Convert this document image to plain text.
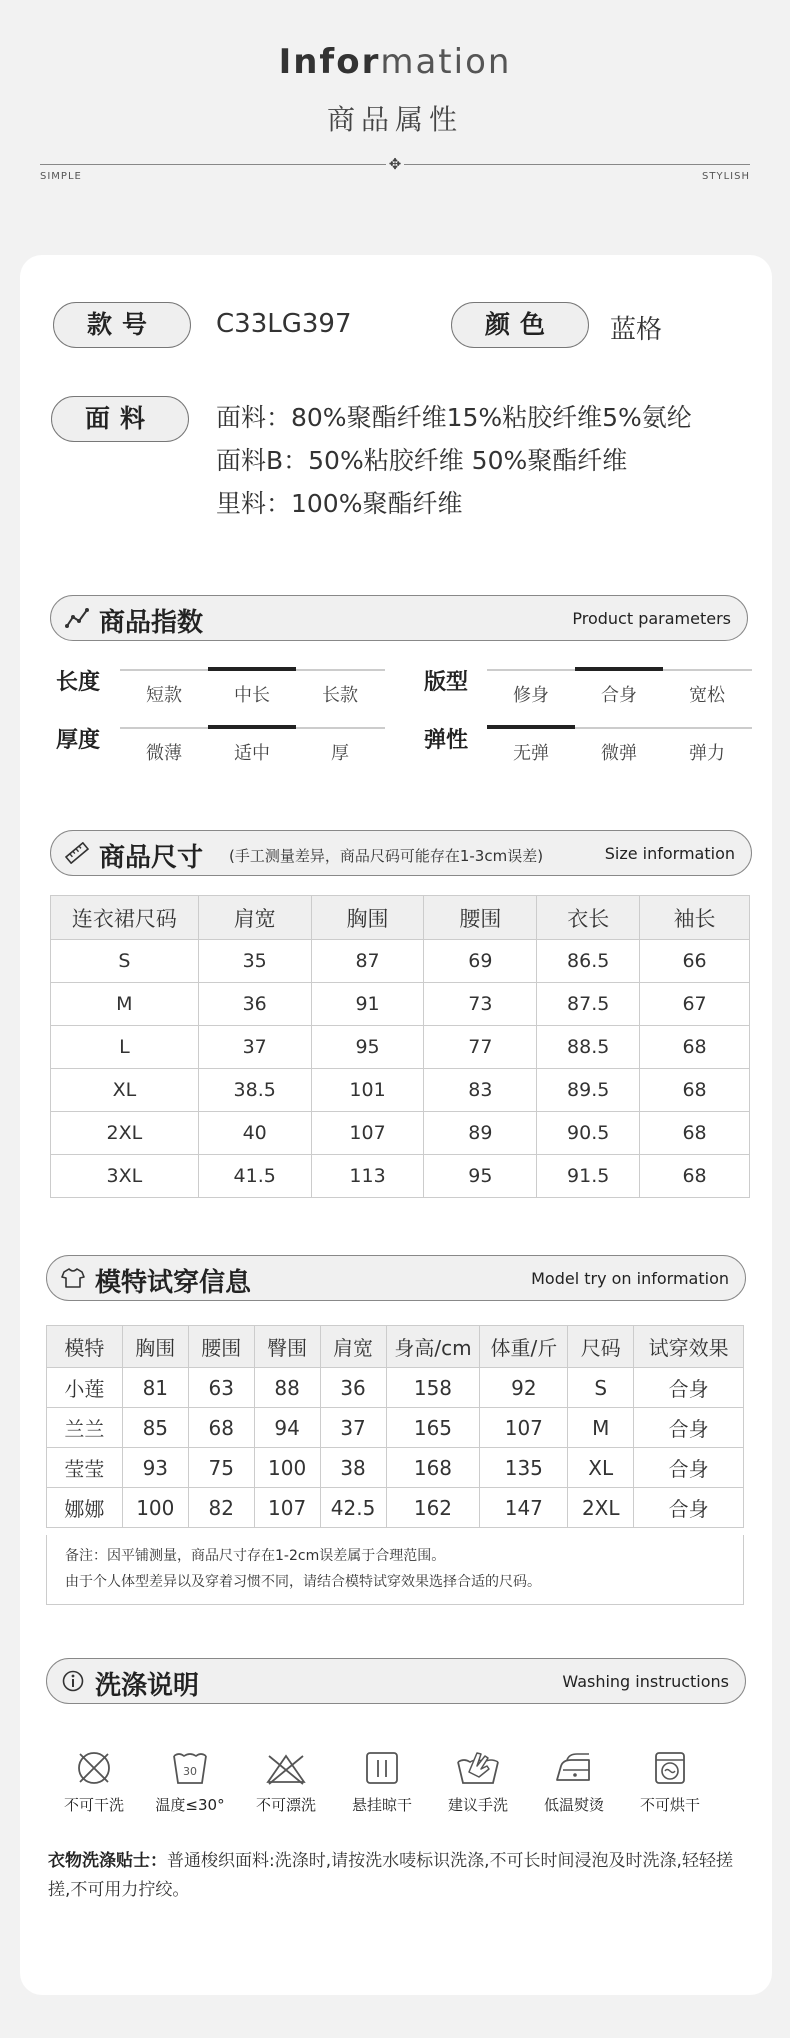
Information
商品属性
✥
SIMPLE	STYLISH
款号	C33LG397	颜色	蓝格
面料	面料：80%聚酯纤维15%粘胶纤维5%氨纶
面料B：50%粘胶纤维 50%聚酯纤维
里料：100%聚酯纤维
商品指数	Product parameters
长度
短款	中长	长款
版型
修身	合身	宽松
厚度
微薄	适中	厚
弹性
无弹	微弹	弹力
商品尺寸 (手工测量差异，商品尺码可能存在1-3cm误差)	Size information
连衣裙尺码	肩宽	胸围	腰围	衣长	袖长
S	35	87	69	86.5	66
M	36	91	73	87.5	67
L	37	95	77	88.5	68
XL	38.5	101	83	89.5	68
2XL	40	107	89	90.5	68
3XL	41.5	113	95	91.5	68
模特试穿信息	Model try on information
模特	胸围	腰围	臀围	肩宽	身高/cm	体重/斤	尺码	试穿效果
小莲	81	63	88	36	158	92	S	合身
兰兰	85	68	94	37	165	107	M	合身
莹莹	93	75	100	38	168	135	XL	合身
娜娜	100	82	107	42.5	162	147	2XL	合身
备注：因平铺测量，商品尺寸存在1-2cm误差属于合理范围。
由于个人体型差异以及穿着习惯不同，请结合模特试穿效果选择合适的尺码。
洗涤说明	Washing instructions
不可干洗
30
温度≤30°	不可漂洗	悬挂晾干	建议手洗	低温熨烫	不可烘干
衣物洗涤贴士：普通梭织面料:洗涤时,请按洗水唛标识洗涤,不可长时间浸泡及时洗涤,轻轻搓搓,不可用力拧绞。
